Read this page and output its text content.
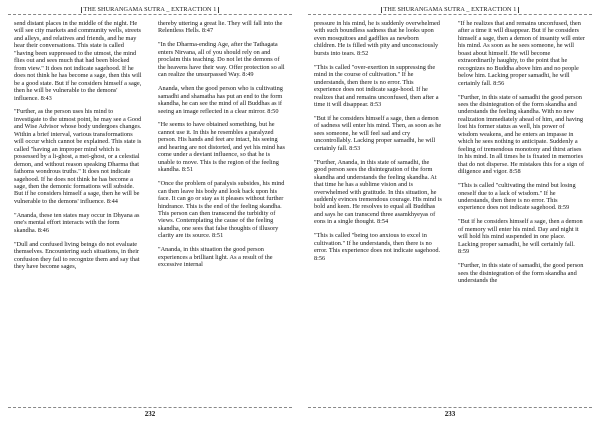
THE SHURANGAMA SUTRA _ EXTRACTION 1

send distant places in the middle of the night. He will see city markets and community wells, streets and alleys, and relatives and friends, and he may hear their conversations. This state is called "having been suppressed to the utmost, the mind flies out and sees much that had been blocked from view." It does not indicate sagehood. If he does not think he has become a sage, then this will be a good state. But if he considers himself a sage, then he will be vulnerable to the demons' influence. 8:43

"Further, as the person uses his mind to investigate to the utmost point, he may see a Good and Wise Advisor whose body undergoes changes. Within a brief interval, various transformations will occur which cannot be explained. This state is called "having an improper mind which is possessed by a li-ghost, a mei-ghost, or a celestial demon, and without reason speaking Dharma that fathoms wondrous truths." It does not indicate sagehood. If he does not think he has become a sage, then the demonic formations will subside. But if he considers himself a sage, then he will be vulnerable to the demons' influence. 8:44

"Ananda, these ten states may occur in Dhyana as one's mental effort interacts with the form skandha. 8:46

"Dull and confused living beings do not evaluate themselves. Encountering such situations, in their confusion they fail to recognize them and say that they have become sages,

thereby uttering a great lie. They will fall into the Relentless Hells. 8:47

"In the Dharma-ending Age, after the Tathagata enters Nirvana, all of you should rely on and proclaim this teaching. Do not let the demons of the heavens have their way. Offer protection so all can realize the unsurpassed Way. 8:49

Ananda, when the good person who is cultivating samadhi and shamatha has put an end to the form skandha, he can see the mind of all Buddhas as if seeing an image reflected in a clear mirror. 8:50

"He seems to have obtained something, but he cannot use it. In this he resembles a paralyzed person. His hands and feet are intact, his seeing and hearing are not distorted, and yet his mind has come under a deviant influence, so that he is unable to move. This is the region of the feeling skandha. 8:51

"Once the problem of paralysis subsides, his mind can then leave his body and look back upon his face. It can go or stay as it pleases without further hindrance. This is the end of the feeling skandha. This person can then transcend the turbidity of views. Contemplating the cause of the feeling skandha, one sees that false thoughts of illusory clarity are its source. 8:51

"Ananda, in this situation the good person experiences a brilliant light. As a result of the excessive internal

232
THE SHURANGAMA SUTRA _ EXTRACTION 1

pressure in his mind, he is suddenly overwhelmed with such boundless sadness that he looks upon even mosquitoes and gadflies as newborn children. He is filled with pity and unconsciously bursts into tears. 8:52

"This is called "over-exertion in suppressing the mind in the course of cultivation." If he understands, then there is no error. This experience does not indicate sage-hood. If he realizes that and remains unconfused, then after a time it will disappear. 8:53

"But if he considers himself a sage, then a demon of sadness will enter his mind. Then, as soon as he sees someone, he will feel sad and cry uncontrollably. Lacking proper samadhi, he will certainly fall. 8:53

"Further, Ananda, in this state of samadhi, the good person sees the disintegration of the form skandha and understands the feeling skandha. At that time he has a sublime vision and is overwhelmed with gratitude. In this situation, he suddenly evinces tremendous courage. His mind is bold and keen. He resolves to equal all Buddhas and says he can transcend three asamkhyeyas of eons in a single thought. 8:54

"This is called "being too anxious to excel in cultivation." If he understands, then there is no error. This experience does not indicate sagehood. 8:56

"If he realizes that and remains unconfused, then after a time it will disappear. But if he considers himself a sage, then a demon of insanity will enter his mind. As soon as he sees someone, he will boast about himself. He will become extraordinarily haughty, to the point that he recognizes no Buddha above him and no people below him. Lacking proper samadhi, he will certainly fall. 8:56

"Further, in this state of samadhi the good person sees the disintegration of the form skandha and understands the feeling skandha. With no new realization immediately ahead of him, and having lost his former status as well, his power of wisdom weakens, and he enters an impasse in which he sees nothing to anticipate. Suddenly a feeling of tremendous monotony and thirst arises in his mind. In all times he is fixated in memories that do not disperse. He mistakes this for a sign of diligence and vigor. 8:58

"This is called "cultivating the mind but losing oneself due to a lack of wisdom." If he understands, then there is no error. This experience does not indicate sagehood. 8:59

"But if he considers himself a sage, then a demon of memory will enter his mind. Day and night it will hold his mind suspended in one place. Lacking proper samadhi, he will certainly fall. 8:59

"Further, in this state of samadhi, the good person sees the disintegration of the form skandha and understands the

233
